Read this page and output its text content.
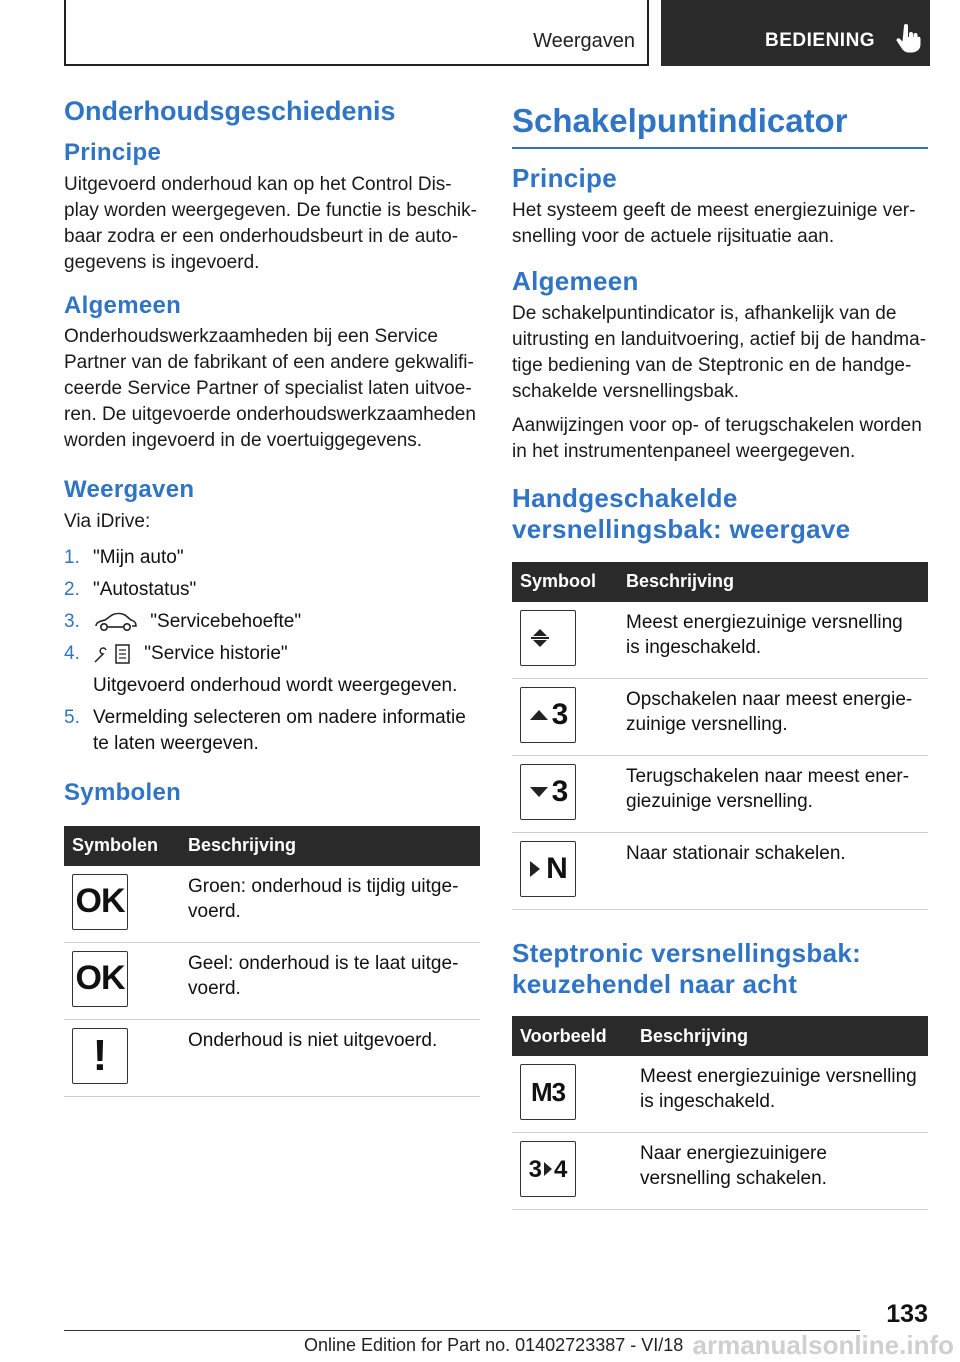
Weergaven	BEDIENING
Onderhoudsgeschiedenis
Principe

Uitgevoerd onderhoud kan op het Control Display worden weergegeven. De functie is beschikbaar zodra er een onderhoudsbeurt in de autogegevens is ingevoerd.

Algemeen

Onderhoudswerkzaamheden bij een Service Partner van de fabrikant of een andere gekwalificeerde Service Partner of specialist laten uitvoeren. De uitgevoerde onderhoudswerkzaamheden worden ingevoerd in de voertuiggegevens.

Weergaven

Via iDrive:

1. "Mijn auto"
2. "Autostatus"
3.	"Servicebehoefte"
4.	"Service historie"
Uitgevoerd onderhoud wordt weergegeven.
5. Vermelding selecteren om nadere informatie te laten weergeven.
Symbolen
Symbolen	Beschrijving

OK	Groen: onderhoud is tijdig uitgevoerd.

OK	Geel: onderhoud is te laat uitgevoerd.

!	Onderhoud is niet uitgevoerd.
Schakelpuntindicator
Principe

Het systeem geeft de meest energiezuinige versnelling voor de actuele rijsituatie aan.

Algemeen

De schakelpuntindicator is, afhankelijk van de uitrusting en landuitvoering, actief bij de handmatige bediening van de Steptronic en de handgeschakelde versnellingsbak.

Aanwijzingen voor op- of terugschakelen worden in het instrumentenpaneel weergegeven.

Handgeschakelde versnellingsbak: weergave
Symbool	Beschrijving

	Meest energiezuinige versnelling is ingeschakeld.

3	Opschakelen naar meest energiezuinige versnelling.

3	Terugschakelen naar meest energiezuinige versnelling.

N	Naar stationair schakelen.
Steptronic versnellingsbak: keuzehendel naar acht
Voorbeeld	Beschrijving

M3	Meest energiezuinige versnelling is ingeschakeld.

3 4	Naar energiezuinigere versnelling schakelen.
133
Online Edition for Part no. 01402723387 - VI/18 armanualsonline.info
